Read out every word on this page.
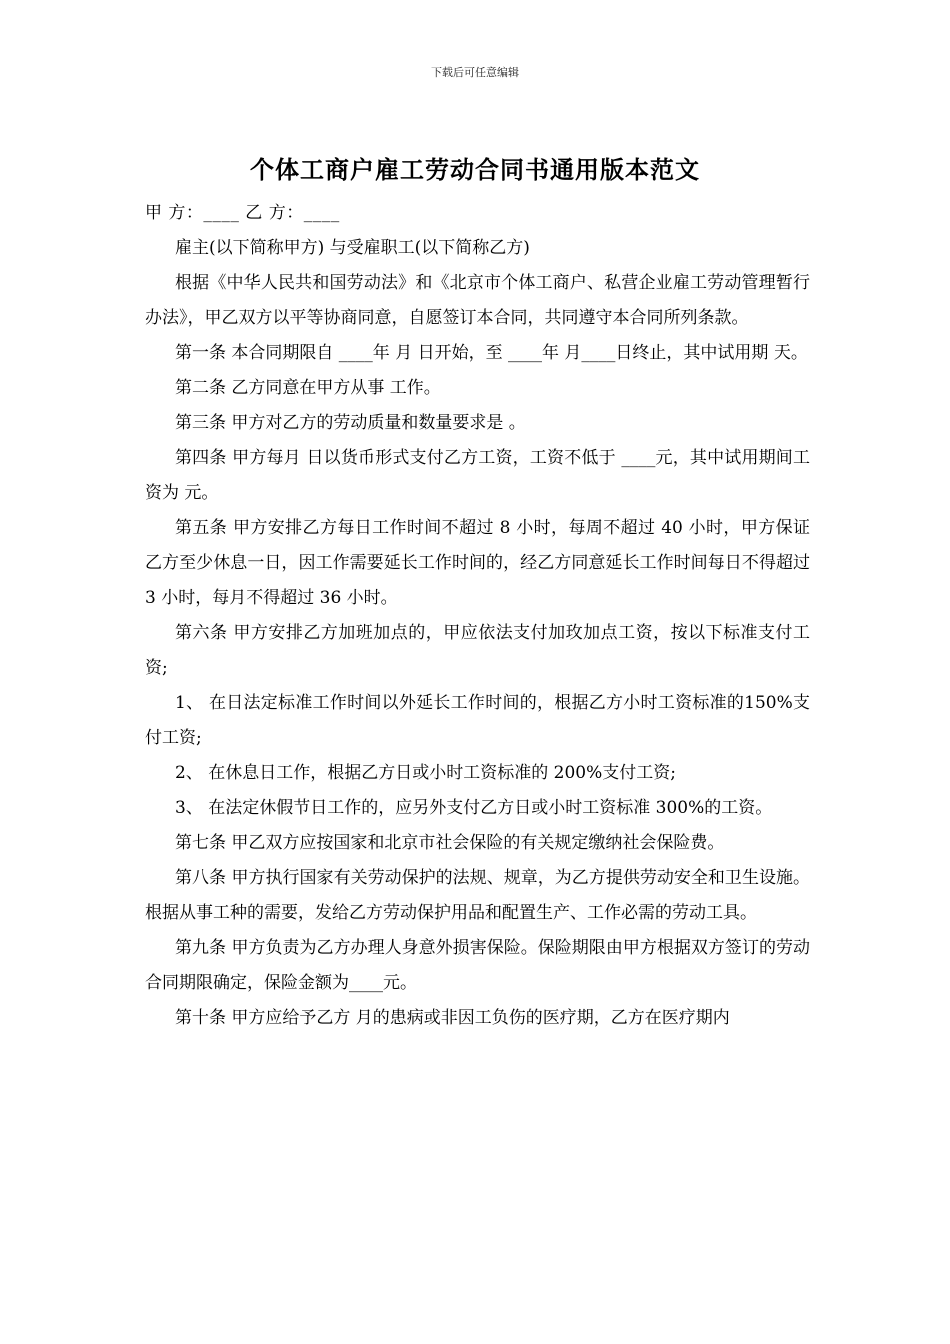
下载后可任意编辑
个体工商户雇工劳动合同书通用版本范文

甲 方：____ 乙 方：____

雇主(以下简称甲方) 与受雇职工(以下简称乙方)

根据《中华人民共和国劳动法》和《北京市个体工商户、私营企业雇工劳动管理暂行办法》，甲乙双方以平等协商同意，自愿签订本合同，共同遵守本合同所列条款。

第一条 本合同期限自 ____年 月 日开始，至 ____年 月____日终止，其中试用期 天。

第二条 乙方同意在甲方从事 工作。

第三条 甲方对乙方的劳动质量和数量要求是 。

第四条 甲方每月 日以货币形式支付乙方工资，工资不低于 ____元，其中试用期间工资为 元。

第五条 甲方安排乙方每日工作时间不超过 8 小时，每周不超过 40 小时，甲方保证乙方至少休息一日，因工作需要延长工作时间的，经乙方同意延长工作时间每日不得超过 3 小时，每月不得超过 36 小时。

第六条 甲方安排乙方加班加点的，甲应依法支付加玫加点工资，按以下标准支付工资;

1、 在日法定标准工作时间以外延长工作时间的，根据乙方小时工资标准的150%支付工资;

2、 在休息日工作，根据乙方日或小时工资标准的 200%支付工资;

3、 在法定休假节日工作的，应另外支付乙方日或小时工资标准 300%的工资。

第七条 甲乙双方应按国家和北京市社会保险的有关规定缴纳社会保险费。

第八条 甲方执行国家有关劳动保护的法规、规章，为乙方提供劳动安全和卫生设施。根据从事工种的需要，发给乙方劳动保护用品和配置生产、工作必需的劳动工具。

第九条 甲方负责为乙方办理人身意外损害保险。保险期限由甲方根据双方签订的劳动合同期限确定，保险金额为____元。

第十条 甲方应给予乙方 月的患病或非因工负伤的医疗期，乙方在医疗期内
